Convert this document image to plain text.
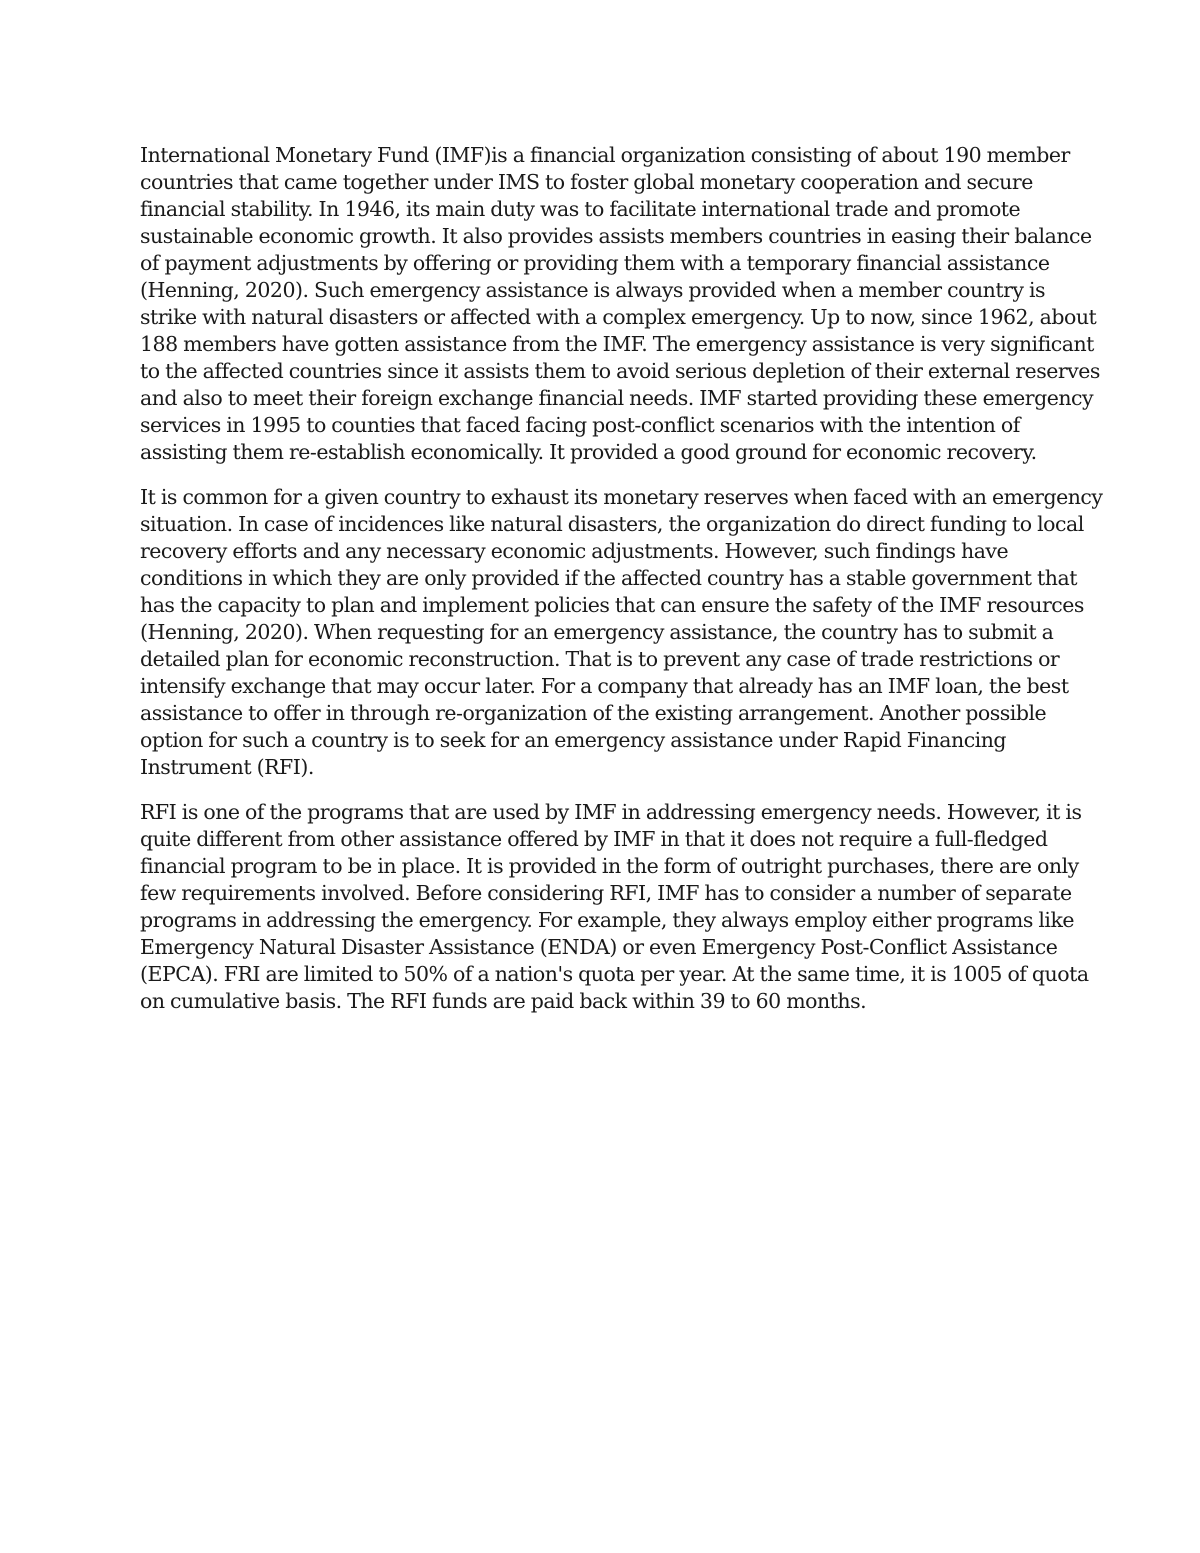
International Monetary Fund (IMF)is a financial organization consisting of about 190 member
countries that came together under IMS to foster global monetary cooperation and secure
financial stability. In 1946, its main duty was to facilitate international trade and promote
sustainable economic growth. It also provides assists members countries in easing their balance
of payment adjustments by offering or providing them with a temporary financial assistance
(Henning, 2020). Such emergency assistance is always provided when a member country is
strike with natural disasters or affected with a complex emergency. Up to now, since 1962, about
188 members have gotten assistance from the IMF. The emergency assistance is very significant
to the affected countries since it assists them to avoid serious depletion of their external reserves
and also to meet their foreign exchange financial needs. IMF started providing these emergency
services in 1995 to counties that faced facing post-conflict scenarios with the intention of
assisting them re-establish economically. It provided a good ground for economic recovery.

It is common for a given country to exhaust its monetary reserves when faced with an emergency
situation. In case of incidences like natural disasters, the organization do direct funding to local
recovery efforts and any necessary economic adjustments. However, such findings have
conditions in which they are only provided if the affected country has a stable government that
has the capacity to plan and implement policies that can ensure the safety of the IMF resources
(Henning, 2020). When requesting for an emergency assistance, the country has to submit a
detailed plan for economic reconstruction. That is to prevent any case of trade restrictions or
intensify exchange that may occur later. For a company that already has an IMF loan, the best
assistance to offer in through re-organization of the existing arrangement. Another possible
option for such a country is to seek for an emergency assistance under Rapid Financing
Instrument (RFI).

RFI is one of the programs that are used by IMF in addressing emergency needs. However, it is
quite different from other assistance offered by IMF in that it does not require a full-fledged
financial program to be in place. It is provided in the form of outright purchases, there are only
few requirements involved. Before considering RFI, IMF has to consider a number of separate
programs in addressing the emergency. For example, they always employ either programs like
Emergency Natural Disaster Assistance (ENDA) or even Emergency Post-Conflict Assistance
(EPCA). FRI are limited to 50% of a nation's quota per year. At the same time, it is 1005 of quota
on cumulative basis. The RFI funds are paid back within 39 to 60 months.
